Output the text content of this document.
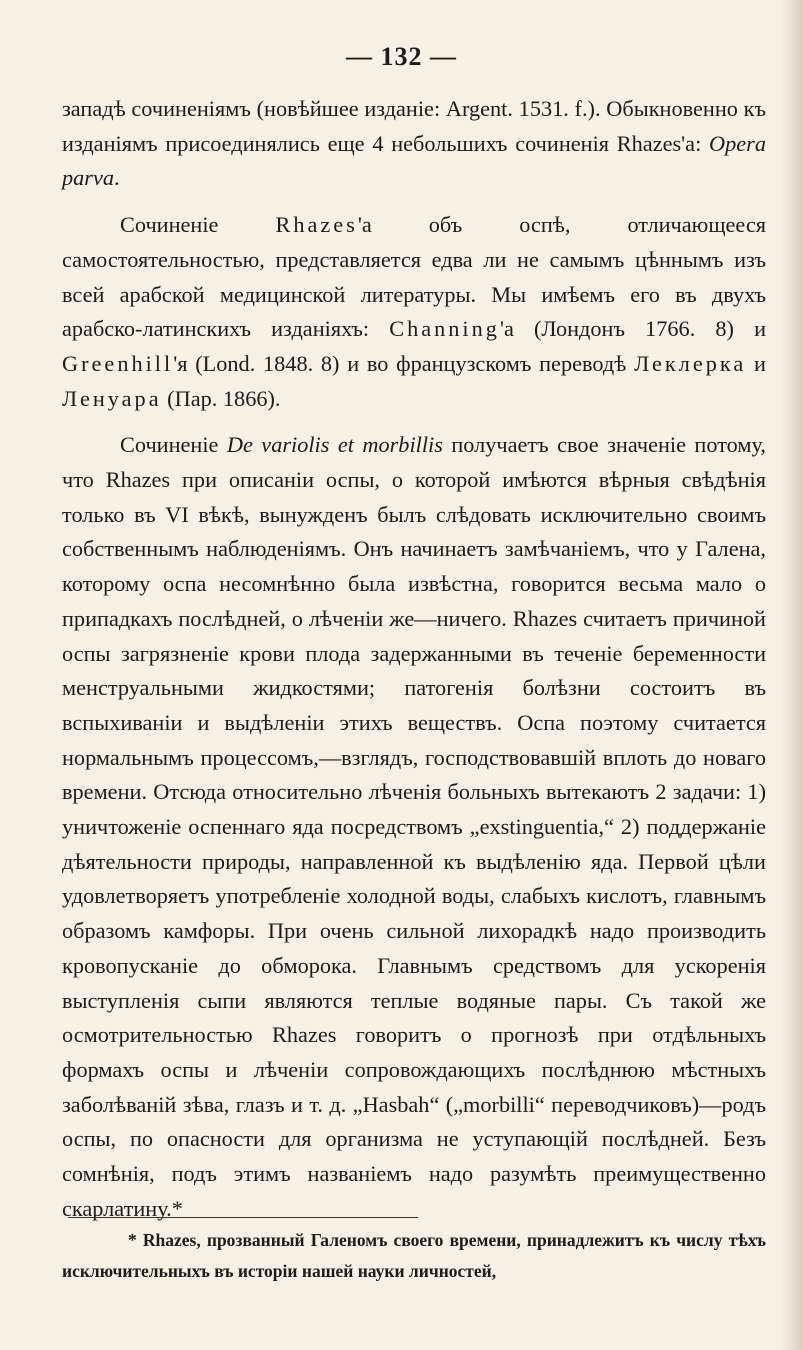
— 132 —

западѣ сочиненіямъ (новѣйшее изданіе: Argent. 1531. f.). Обыкновенно къ изданіямъ присоединялись еще 4 небольшихъ сочиненія Rhazes'a: Opera parva.

Сочиненіе Rhazes'a объ оспѣ, отличающееся самостоятельностью, представляется едва ли не самымъ цѣннымъ изъ всей арабской медицинской литературы. Мы имѣемъ его въ двухъ арабско-латинскихъ изданіяхъ: Channing'a (Лондонъ 1766. 8) и Greenhill'я (Lond. 1848. 8) и во французскомъ переводѣ Леклерка и Ленуара (Пар. 1866).

Сочиненіе De variolis et morbillis получаетъ свое значеніе потому, что Rhazes при описаніи оспы, о которой имѣются вѣрныя свѣдѣнія только въ VI вѣкѣ, вынужденъ былъ слѣдовать исключительно своимъ собственнымъ наблюденіямъ. Онъ начинаетъ замѣчаніемъ, что у Галена, которому оспа несомнѣнно была извѣстна, говорится весьма мало о припадкахъ послѣдней, о лѣченіи же—ничего. Rhazes считаетъ причиной оспы загрязненіе крови плода задержанными въ теченіе беременности менструальными жидкостями; патогенія болѣзни состоитъ въ вспыхиваніи и выдѣленіи этихъ веществъ. Оспа поэтому считается нормальнымъ процессомъ,—взглядъ, господствовавшій вплоть до новаго времени. Отсюда относительно лѣченія больныхъ вытекаютъ 2 задачи: 1) уничтоженіе оспеннаго яда посредствомъ „exstinguentia,“ 2) поддержаніе дѣятельности природы, направленной къ выдѣленію яда. Первой цѣли удовлетворяетъ употребленіе холодной воды, слабыхъ кислотъ, главнымъ образомъ камфоры. При очень сильной лихорадкѣ надо производить кровопусканіе до обморока. Главнымъ средствомъ для ускоренія выступленія сыпи являются теплые водяные пары. Съ такой же осмотрительностью Rhazes говоритъ о прогнозѣ при отдѣльныхъ формахъ оспы и лѣченіи сопровождающихъ послѣднюю мѣстныхъ заболѣваній зѣва, глазъ и т. д. „Hasbah“ („morbilli“ переводчиковъ)—родъ оспы, по опасности для организма не уступающій послѣдней. Безъ сомнѣнія, подъ этимъ названіемъ надо разумѣть преимущественно скарлатину.*

* Rhazes, прозванный Галеномъ своего времени, принадлежитъ къ числу тѣхъ исключительныхъ въ исторіи нашей науки личностей,
